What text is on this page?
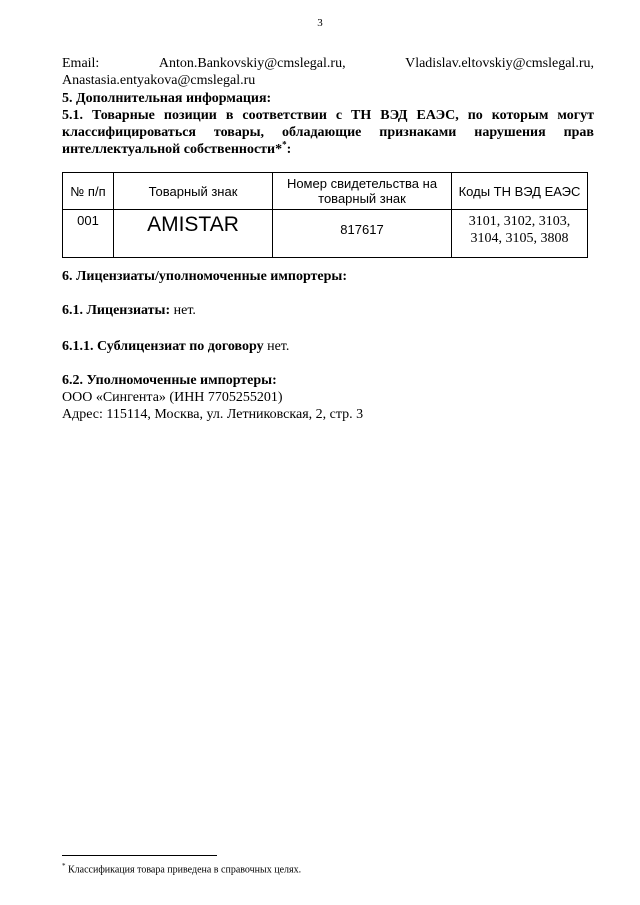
3
Email:	Anton.Bankovskiy@cmslegal.ru,	Vladislav.eltovskiy@cmslegal.ru,
Anastasia.entyakova@cmslegal.ru
5. Дополнительная информация:
5.1. Товарные позиции в соответствии с ТН ВЭД ЕАЭС, по которым могут классифицироваться товары, обладающие признаками нарушения прав интеллектуальной собственности**:
№ п/п	Товарный знак	Номер свидетельства на товарный знак	Коды ТН ВЭД ЕАЭС
001	AMISTAR	817617	3101, 3102, 3103, 3104, 3105, 3808
6. Лицензиаты/уполномоченные импортеры:
6.1. Лицензиаты: нет.
6.1.1. Сублицензиат по договору нет.
6.2. Уполномоченные импортеры:
ООО «Сингента» (ИНН 7705255201)
Адрес: 115114, Москва, ул. Летниковская, 2, стр. 3
* Классификация товара приведена в справочных целях.
